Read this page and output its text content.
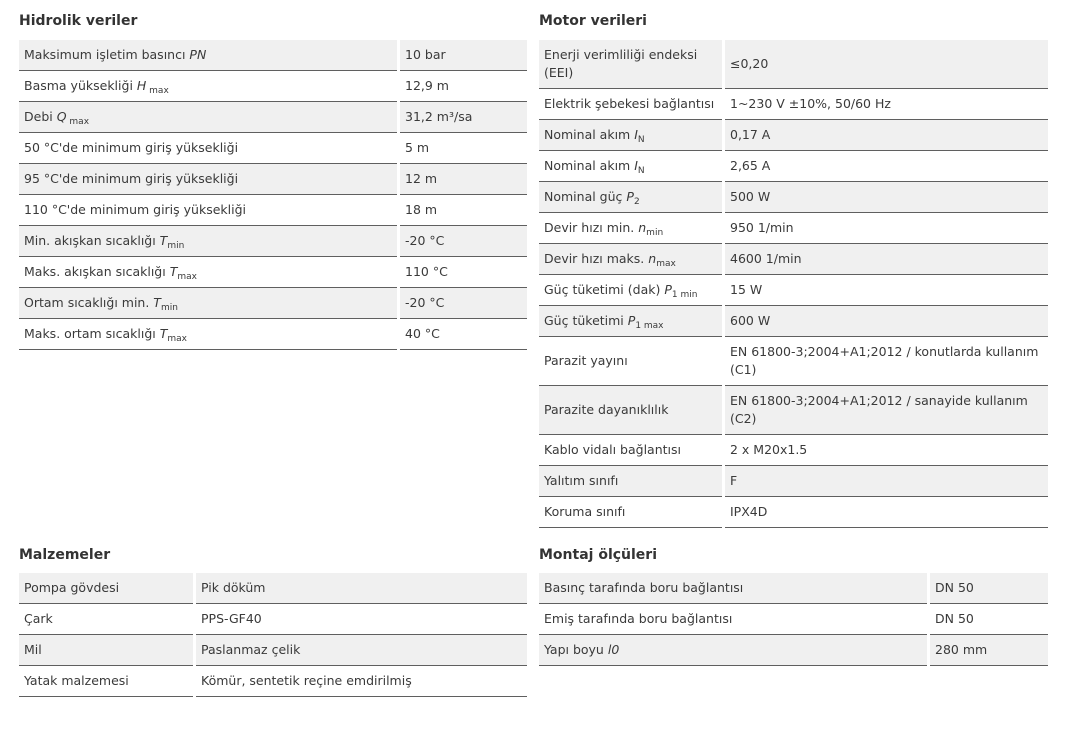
Hidrolik veriler
Maksimum işletim basıncı PN	10 bar
Basma yüksekliği H $_{max}$	12,9 m
Debi Q $_{max}$	31,2 m³/sa
50 °C'de minimum giriş yüksekliği	5 m
95 °C'de minimum giriş yüksekliği	12 m
110 °C'de minimum giriş yüksekliği	18 m
Min. akışkan sıcaklığı $T_{min}$	-20 °C
Maks. akışkan sıcaklığı $T_{max}$	110 °C
Ortam sıcaklığı min. $T_{min}$	-20 °C
Maks. ortam sıcaklığı $T_{max}$	40 °C
Motor verileri
Enerji verimliliği endeksi (EEI)	≤0,20
Elektrik şebekesi bağlantısı	1~230 V ±10%, 50/60 Hz
Nominal akım $I_N$	0,17 A
Nominal akım $I_N$	2,65 A
Nominal güç $P_2$	500 W
Devir hızı min. $n_{min}$	950 1/min
Devir hızı maks. $n_{max}$	4600 1/min
Güç tüketimi (dak) $P_{1 min}$	15 W
Güç tüketimi $P_{1 max}$	600 W
Parazit yayını	EN 61800-3;2004+A1;2012 / konutlarda kullanım (C1)
Parazite dayanıklılık	EN 61800-3;2004+A1;2012 / sanayide kullanım (C2)
Kablo vidalı bağlantısı	2 x M20x1.5
Yalıtım sınıfı	F
Koruma sınıfı	IPX4D
Malzemeler
Pompa gövdesi	Pik döküm
Çark	PPS-GF40
Mil	Paslanmaz çelik
Yatak malzemesi	Kömür, sentetik reçine emdirilmiş
Montaj ölçüleri
Basınç tarafında boru bağlantısı	DN 50
Emiş tarafında boru bağlantısı	DN 50
Yapı boyu l0	280 mm
